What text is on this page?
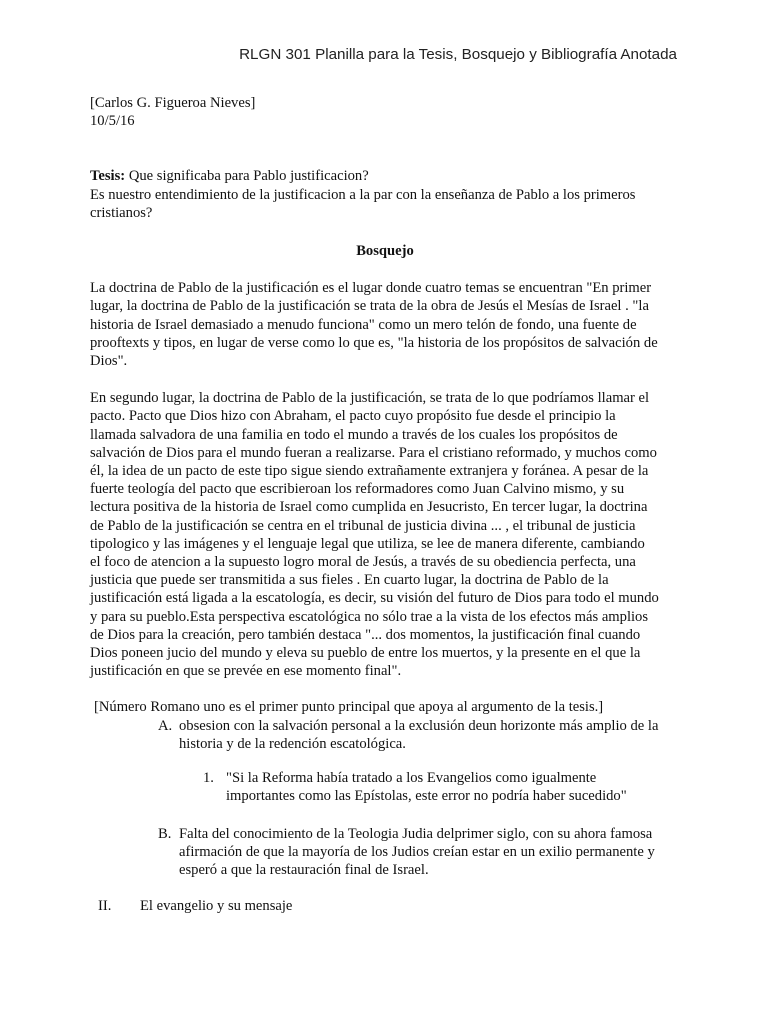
RLGN 301 Planilla para la Tesis, Bosquejo y Bibliografía Anotada
[Carlos G. Figueroa Nieves]
10/5/16
Tesis: Que significaba para Pablo justificacion?
Es nuestro entendimiento de la justificacion a la par con la enseñanza de Pablo a los primeros
cristianos?
Bosquejo
La doctrina de Pablo de la justificación es el lugar donde cuatro temas se encuentran "En primer
lugar, la doctrina de Pablo de la justificación se trata de la obra de Jesús el Mesías de Israel . "la
historia de Israel demasiado a menudo funciona" como un mero telón de fondo, una fuente de
prooftexts y tipos, en lugar de verse como lo que es, "la historia de los propósitos de salvación de
Dios".
En segundo lugar, la doctrina de Pablo de la justificación, se trata de lo que podríamos llamar el
pacto. Pacto que Dios hizo con Abraham, el pacto cuyo propósito fue desde el principio la
llamada salvadora de una familia en todo el mundo a través de los cuales los propósitos de
salvación de Dios para el mundo fueran a realizarse. Para el cristiano reformado, y muchos como
él, la idea de un pacto de este tipo sigue siendo extrañamente extranjera y foránea. A pesar de la
fuerte teología del pacto que escribieroan los reformadores como Juan Calvino mismo, y su
lectura positiva de la historia de Israel como cumplida en Jesucristo, En tercer lugar, la doctrina
de Pablo de la justificación se centra en el tribunal de justicia divina ... , el tribunal de justicia
tipologico y las imágenes y el lenguaje legal que utiliza, se lee de manera diferente, cambiando
el foco de atencion a la supuesto logro moral de Jesús, a través de su obediencia perfecta, una
justicia que puede ser transmitida a sus fieles . En cuarto lugar, la doctrina de Pablo de la
justificación está ligada a la escatología, es decir, su visión del futuro de Dios para todo el mundo
y para su pueblo.Esta perspectiva escatológica no sólo trae a la vista de los efectos más amplios
de Dios para la creación, pero también destaca "... dos momentos, la justificación final cuando
Dios poneen jucio del mundo y eleva su pueblo de entre los muertos, y la presente en el que la
justificación en que se prevée en ese momento final".
[Número Romano uno es el primer punto principal que apoya al argumento de la tesis.]
A. obsesion con la salvación personal a la exclusión deun horizonte más amplio de la
historia y de la redención escatológica.
1. "Si la Reforma había tratado a los Evangelios como igualmente
importantes como las Epístolas, este error no podría haber sucedido"
B. Falta del conocimiento de la Teologia Judia delprimer siglo, con su ahora famosa
afirmación de que la mayoría de los Judios creían estar en un exilio permanente y
esperó a que la restauración final de Israel.
II. El evangelio y su mensaje
